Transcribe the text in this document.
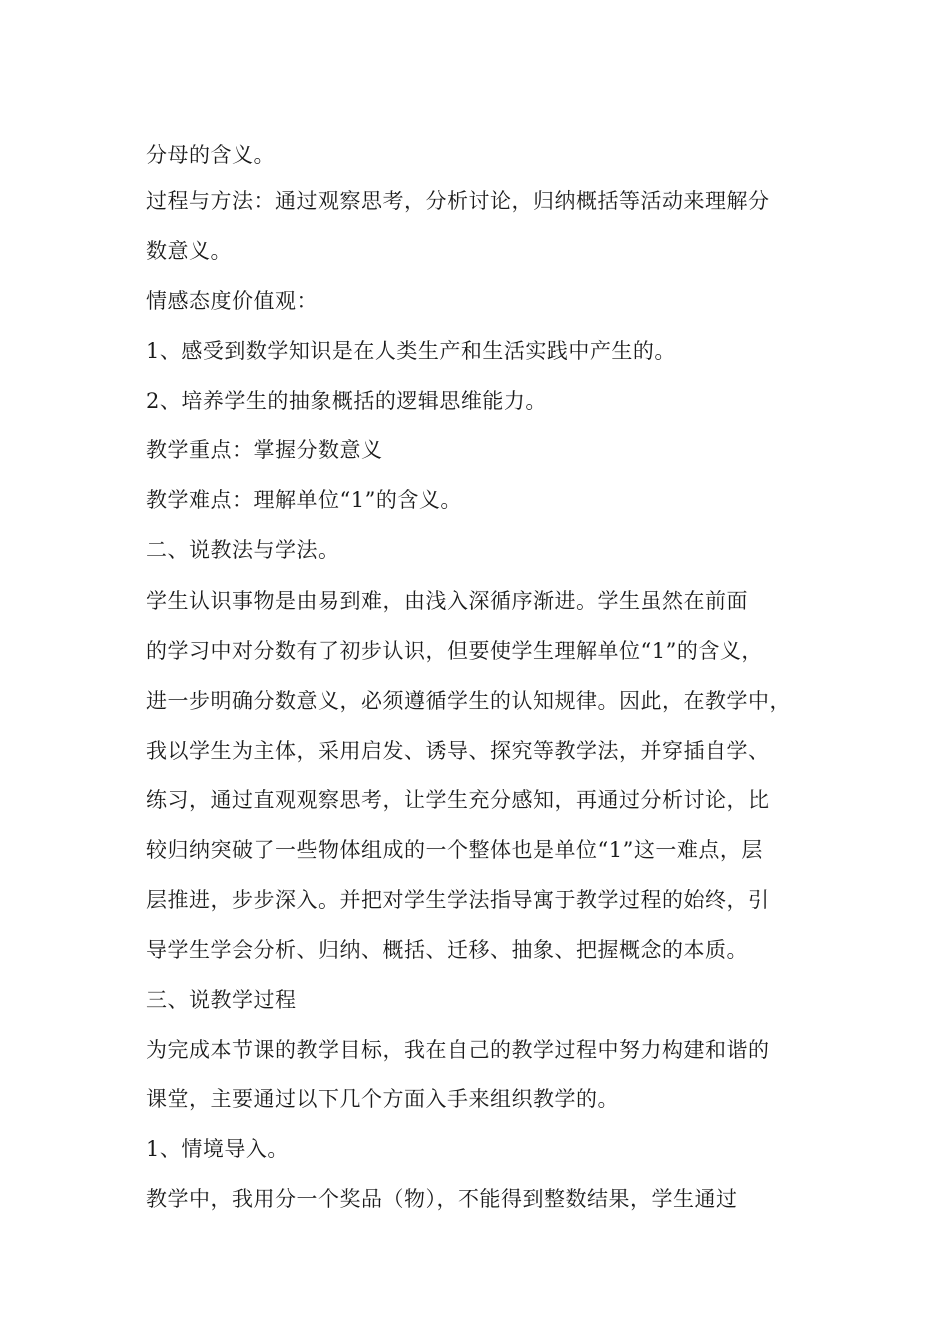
分母的含义。
过程与方法：通过观察思考，分析讨论，归纳概括等活动来理解分
数意义。
情感态度价值观：
1、感受到数学知识是在人类生产和生活实践中产生的。
2、培养学生的抽象概括的逻辑思维能力。
教学重点：掌握分数意义
教学难点：理解单位“1”的含义。
二、说教法与学法。
学生认识事物是由易到难，由浅入深循序渐进。学生虽然在前面
的学习中对分数有了初步认识，但要使学生理解单位“1”的含义，
进一步明确分数意义，必须遵循学生的认知规律。因此，在教学中，
我以学生为主体，采用启发、诱导、探究等教学法，并穿插自学、
练习，通过直观观察思考，让学生充分感知，再通过分析讨论，比
较归纳突破了一些物体组成的一个整体也是单位“1”这一难点，层
层推进，步步深入。并把对学生学法指导寓于教学过程的始终，引
导学生学会分析、归纳、概括、迁移、抽象、把握概念的本质。
三、说教学过程
为完成本节课的教学目标，我在自己的教学过程中努力构建和谐的
课堂，主要通过以下几个方面入手来组织教学的。
1、情境导入。
教学中，我用分一个奖品（物），不能得到整数结果，学生通过
